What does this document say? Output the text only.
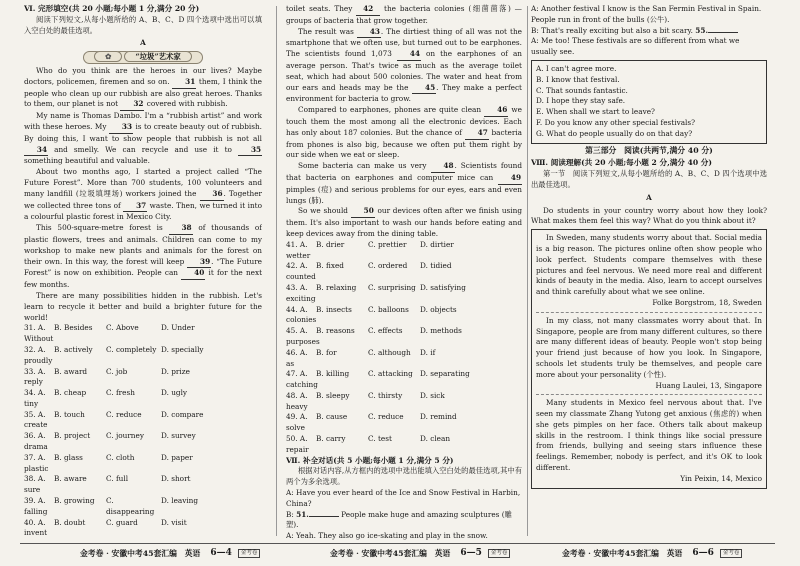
Ⅵ. 完形填空(共 20 小题;每小题 1 分,满分 20 分)

阅读下列短文,从每小题所给的 A、B、C、D 四个选项中选出可以填入空白处的最佳选项。

A

✿	“垃圾”艺术家

Who do you think are the heroes in our lives? Maybe doctors, policemen, firemen and so on. 31 them, I think the people who clean up our rubbish are also great heroes. Thanks to them, our planet is not 32 covered with rubbish.

My name is Thomas Dambo. I'm a “rubbish artist” and work with these heroes. My 33 is to create beauty out of rubbish. By doing this, I want to show people that rubbish is not all 34 and smelly. We can recycle and use it to	35 something beautiful and valuable.

About two months ago, I started a project called “The Future Forest”. More than 700 students, 100 volunteers and many landfill (垃圾填埋场) workers joined the 36. Together we collected three tons of 37 waste. Then, we turned it into a colourful plastic forest in Mexico City.

This 500-square-metre forest is	38 of thousands of plastic flowers, trees and animals. Children can come to my workshop to make new plants and animals for the forest on their own. In this way, the forest will keep 39. “The Future Forest” is now on exhibition. People can 40 it for the next few months.

There are many possibilities hidden in the rubbish. Let's learn to recycle it better and build a brighter future for the world!

31. A. Without
B. Besides	C. Above	D. Under
32. A. proudly
B. actively	C. completely D. specially
33. A. reply
B. award	C. job	D. prize
34. A. tiny
B. cheap	C. fresh	D. ugly
35. A. create
B. touch	C. reduce	D. compare
36. A. drama
B. project	C. journey	D. survey
37. A. plastic
B. glass	C. cloth	D. paper
38. A. sure
B. aware	C. full	D. short
39. A. falling
B. growing	C. disappearing
D. leaving
40. A. invent
B. doubt	C. guard	D. visit

toilet seats. They 42 the bacteria colonies (细菌菌落) — groups of bacteria that grow together.

The result was 43. The dirtiest thing of all was not the smartphone that we often use, but turned out to be earphones. The scientists found 1,073 44 on the earphones of an average person. That's twice as much as the average toilet seat, which had about 500 colonies. The water and heat from our ears and heads may be the 45. They make a perfect environment for bacteria to grow.

Compared to earphones, phones are quite clean 46 we touch them the most among all the electronic devices. Each has only about 187 colonies. But the chance of 47 bacteria from phones is also big, because we often put them right by our side when we eat or sleep.

Some bacteria can make us very 48. Scientists found that bacteria on earphones and computer mice can 49 pimples (痘) and serious problems for our eyes, ears and even lungs (肺).

So we should 50 our devices often after we finish using them. It's also important to wash our hands before eating and keep devices away from the dining table.

41. A. wetter
B. drier	C. prettier	D. dirtier
42. A. counted
B. fixed	C. ordered	D. tidied
43. A. exciting
B. relaxing	C. surprising D. satisfying
44. A. colonies
B. insects	C. balloons	D. objects
45. A. purposes
B. reasons	C. effects	D. methods
46. A. as
B. for	C. although	D. if
47. A. catching
B. killing	C. attacking D. separating
48. A. heavy
B. sleepy	C. thirsty	D. sick
49. A. solve
B. cause	C. reduce	D. remind
50. A. repair
B. carry	C. test	D. clean

Ⅶ. 补全对话(共 5 小题;每小题 1 分,满分 5 分)

根据对话内容,从方框内的选项中选出能填入空白处的最佳选项,其中有两个为多余选项。

A: Have you ever heard of the Ice and Snow Festival in Harbin, China?

B: 51.	People make huge and amazing sculptures (雕塑).

A: Yeah. They also go ice-skating and play in the snow.

A: Another festival I know is the San Fermin Festival in Spain. People run in front of the bulls (公牛).

B: That's really exciting but also a bit scary. 55.

A: Me too! These festivals are so different from what we usually see.

A. I can't agree more.

B. I know that festival.

C. That sounds fantastic.

D. I hope they stay safe.

E. When shall we start to leave?

F. Do you know any other special festivals?

G. What do people usually do on that day?

第三部分　阅读(共两节,满分 40 分)

Ⅷ. 阅读理解(共 20 小题;每小题 2 分,满分 40 分)

第一节　阅读下列短文,从每小题所给的 A、B、C、D 四个选项中选出最佳选项。

A

Do students in your country worry about how they look? What makes them feel this way? What do you think about it?

In Sweden, many students worry about that. Social media is a big reason. The pictures online often show people who look perfect. Students compare themselves with these pictures and feel nervous. We need more real and different kinds of beauty in the media. Also, learn to accept ourselves and think carefully about what we see online.

Folke Borgstrom, 18, Sweden

In my class, not many classmates worry about that. In Singapore, people are from many different cultures, so there are many different ideas of beauty. People won't stop being your friend just because of how you look. In Singapore, schools let students truly be themselves, and people care more about your personality (个性).

Huang Laulei, 13, Singapore

Many students in Mexico feel nervous about that. I've seen my classmate Zhang Yutong get anxious (焦虑的) when she gets pimples on her face. Others talk about makeup skills in the restroom. I think things like social pressure from friends, bullying and seeing stars influence these feelings. Remember, nobody is perfect, and it's OK to look different.

Yin Peixin, 14, Mexico

金考卷 · 安徽中考45套汇编　英语 6—4	金考卷	金考卷 · 安徽中考45套汇编　英语 6—5	金考卷	金考卷 · 安徽中考45套汇编　英语 6—6	金考卷
